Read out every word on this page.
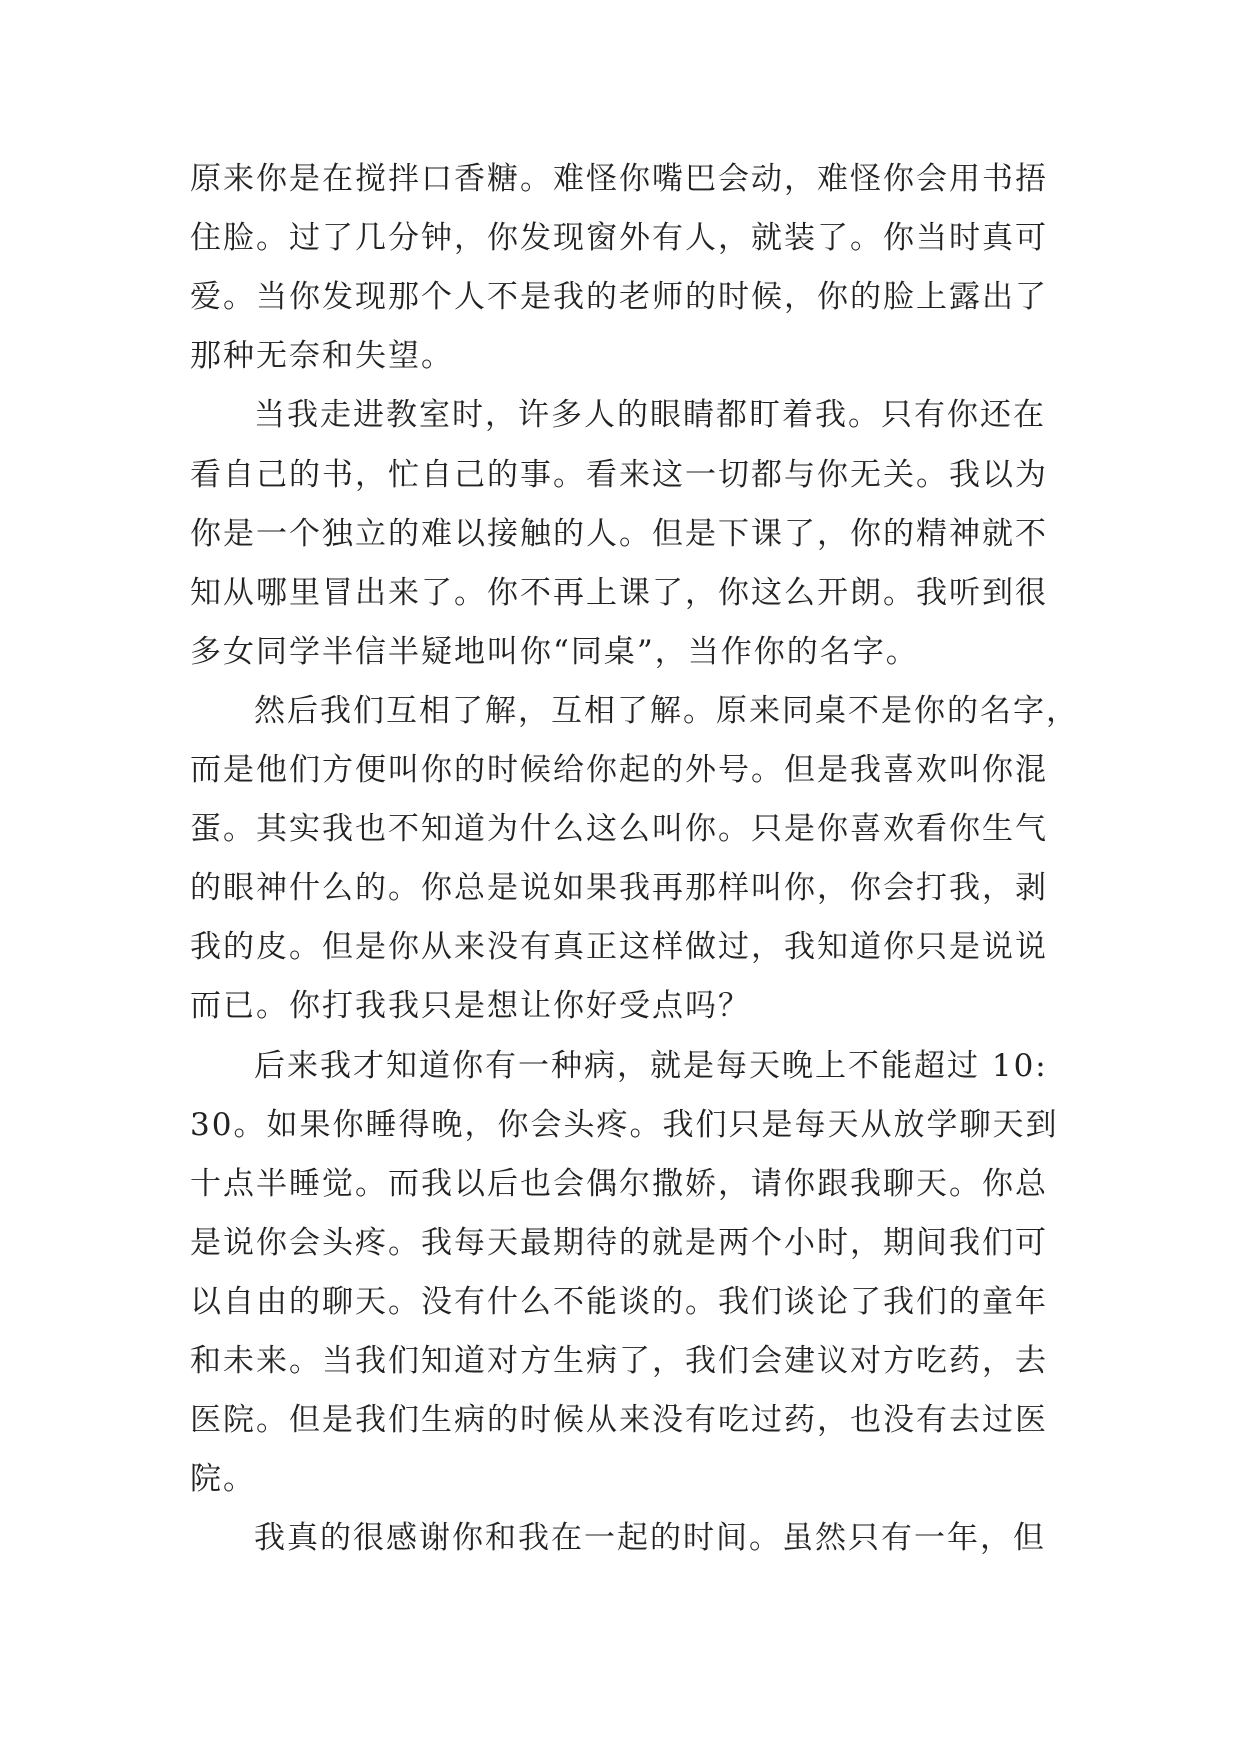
原来你是在搅拌口香糖。难怪你嘴巴会动，难怪你会用书捂
住脸。过了几分钟，你发现窗外有人，就装了。你当时真可
爱。当你发现那个人不是我的老师的时候，你的脸上露出了
那种无奈和失望。
当我走进教室时，许多人的眼睛都盯着我。只有你还在
看自己的书，忙自己的事。看来这一切都与你无关。我以为
你是一个独立的难以接触的人。但是下课了，你的精神就不
知从哪里冒出来了。你不再上课了，你这么开朗。我听到很
多女同学半信半疑地叫你“同桌”，当作你的名字。
然后我们互相了解，互相了解。原来同桌不是你的名字，
而是他们方便叫你的时候给你起的外号。但是我喜欢叫你混
蛋。其实我也不知道为什么这么叫你。只是你喜欢看你生气
的眼神什么的。你总是说如果我再那样叫你，你会打我，剥
我的皮。但是你从来没有真正这样做过，我知道你只是说说
而已。你打我我只是想让你好受点吗？
后来我才知道你有一种病，就是每天晚上不能超过 10:
30。如果你睡得晚，你会头疼。我们只是每天从放学聊天到
十点半睡觉。而我以后也会偶尔撒娇，请你跟我聊天。你总
是说你会头疼。我每天最期待的就是两个小时，期间我们可
以自由的聊天。没有什么不能谈的。我们谈论了我们的童年
和未来。当我们知道对方生病了，我们会建议对方吃药，去
医院。但是我们生病的时候从来没有吃过药，也没有去过医
院。
我真的很感谢你和我在一起的时间。虽然只有一年，但
